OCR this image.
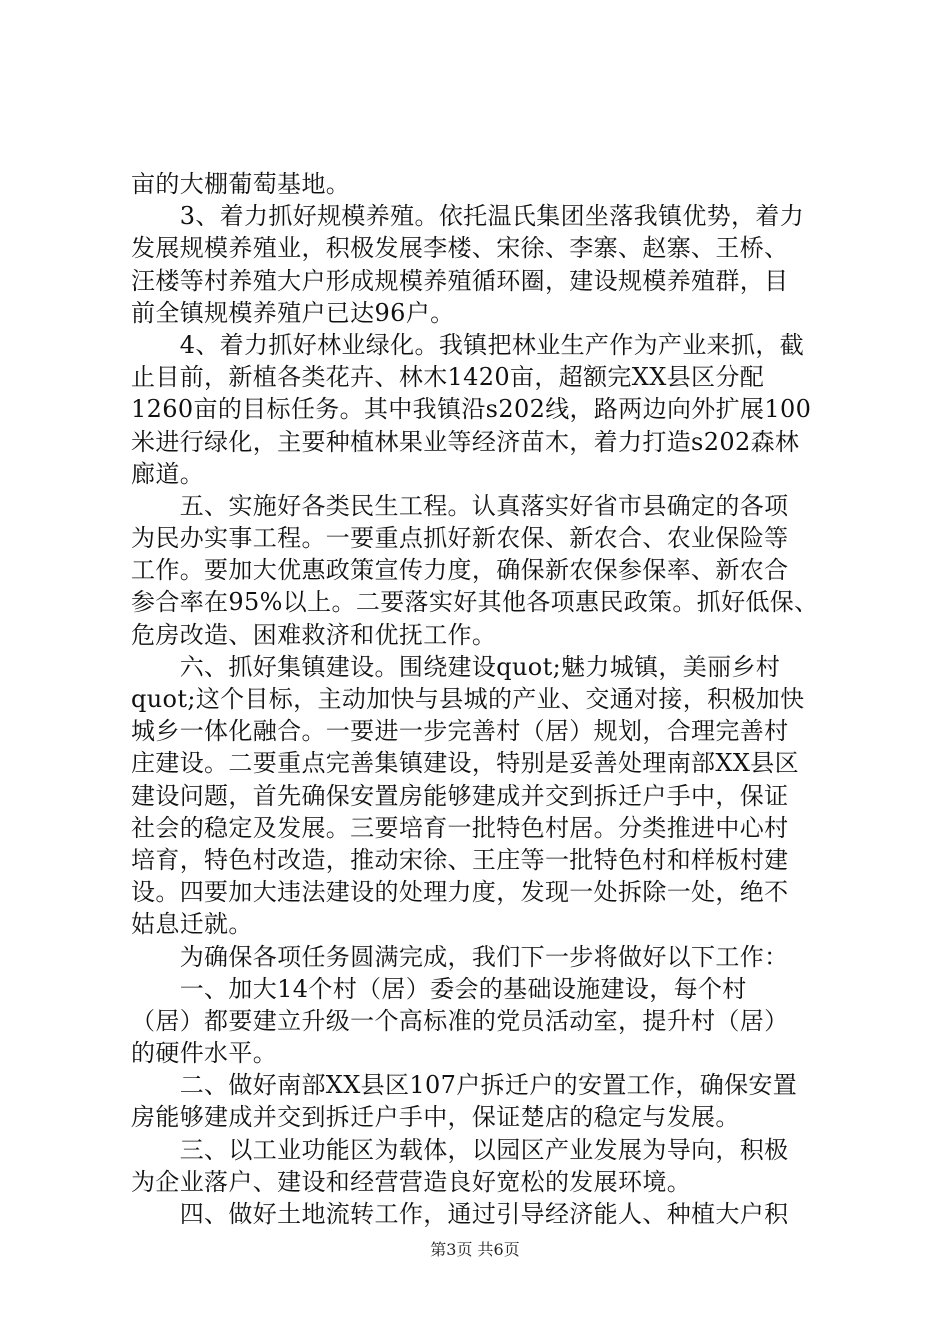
亩的大棚葡萄基地。
　　3、着力抓好规模养殖。依托温氏集团坐落我镇优势，着力
发展规模养殖业，积极发展李楼、宋徐、李寨、赵寨、王桥、
汪楼等村养殖大户形成规模养殖循环圈，建设规模养殖群，目
前全镇规模养殖户已达96户。
　　4、着力抓好林业绿化。我镇把林业生产作为产业来抓，截
止目前，新植各类花卉、林木1420亩，超额完XX县区分配
1260亩的目标任务。其中我镇沿s202线，路两边向外扩展100
米进行绿化，主要种植林果业等经济苗木，着力打造s202森林
廊道。
　　五、实施好各类民生工程。认真落实好省市县确定的各项
为民办实事工程。一要重点抓好新农保、新农合、农业保险等
工作。要加大优惠政策宣传力度，确保新农保参保率、新农合
参合率在95%以上。二要落实好其他各项惠民政策。抓好低保、
危房改造、困难救济和优抚工作。
　　六、抓好集镇建设。围绕建设quot;魅力城镇，美丽乡村
quot;这个目标，主动加快与县城的产业、交通对接，积极加快
城乡一体化融合。一要进一步完善村（居）规划，合理完善村
庄建设。二要重点完善集镇建设，特别是妥善处理南部XX县区
建设问题，首先确保安置房能够建成并交到拆迁户手中，保证
社会的稳定及发展。三要培育一批特色村居。分类推进中心村
培育，特色村改造，推动宋徐、王庄等一批特色村和样板村建
设。四要加大违法建设的处理力度，发现一处拆除一处，绝不
姑息迁就。
　　为确保各项任务圆满完成，我们下一步将做好以下工作：
　　一、加大14个村（居）委会的基础设施建设，每个村
（居）都要建立升级一个高标准的党员活动室，提升村（居）
的硬件水平。
　　二、做好南部XX县区107户拆迁户的安置工作，确保安置
房能够建成并交到拆迁户手中，保证楚店的稳定与发展。
　　三、以工业功能区为载体，以园区产业发展为导向，积极
为企业落户、建设和经营营造良好宽松的发展环境。
　　四、做好土地流转工作，通过引导经济能人、种植大户积
第3页 共6页
